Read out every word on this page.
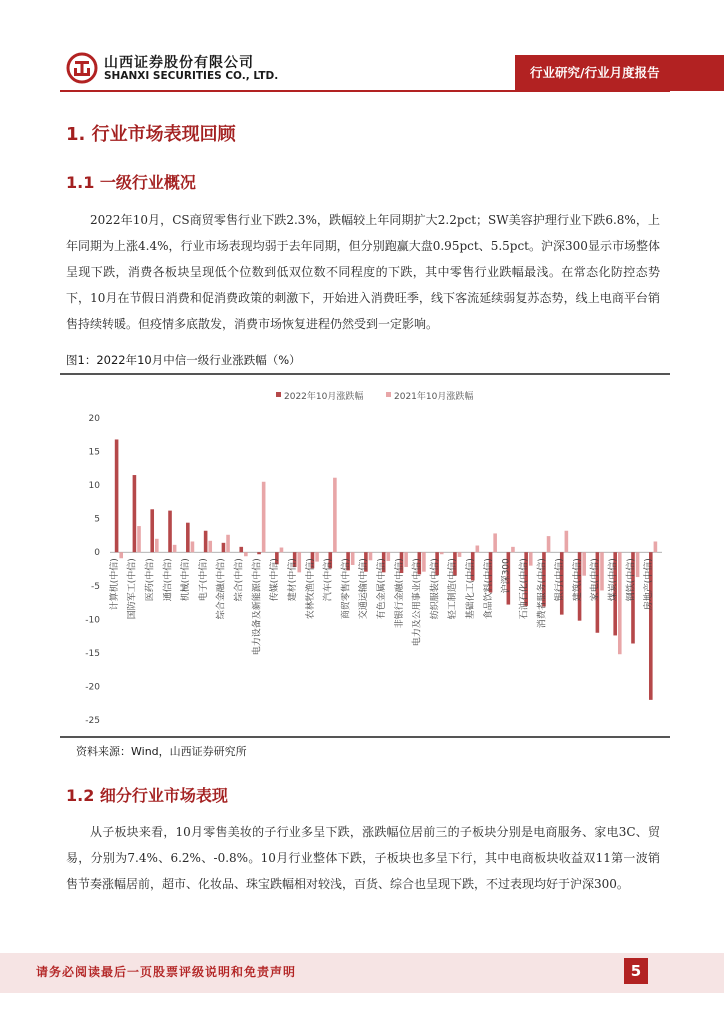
山西证券股份有限公司
SHANXI SECURITIES CO., LTD.	行业研究/行业月度报告
1. 行业市场表现回顾
1.1 一级行业概况

2022年10月，CS商贸零售行业下跌2.3%，跌幅较上年同期扩大2.2pct；SW美容护理行业下跌6.8%，上年同期为上涨4.4%，行业市场表现均弱于去年同期，但分别跑赢大盘0.95pct、5.5pct。沪深300显示市场整体呈现下跌，消费各板块呈现低个位数到低双位数不同程度的下跌，其中零售行业跌幅最浅。在常态化防控态势下，10月在节假日消费和促消费政策的刺激下，开始进入消费旺季，线下客流延续弱复苏态势，线上电商平台销售持续转暖。但疫情多底散发，消费市场恢复进程仍然受到一定影响。

图1：2022年10月中信一级行业涨跌幅（%）
2022年10月涨跌幅	2021年10月涨跌幅
20
15
10
5
0
-5
-10
-15
-20
-25
计算机(中信) 国防军工(中信) 医药(中信) 通信(中信) 机械(中信) 电子(中信) 综合金融(中信) 综合(中信) 电力设备及新能源(中信) 传媒(中信) 建材(中信) 农林牧渔(中信) 汽车(中信) 商贸零售(中信) 交通运输(中信) 有色金属(中信) 非银行金融(中信) 电力及公用事业(中信) 纺织服装(中信) 轻工制造(中信) 基础化工(中信) 食品饮料(中信) 沪深300 石油石化(中信) 消费者服务(中信) 银行(中信) 建筑(中信) 家电(中信) 煤炭(中信) 钢铁(中信) 房地产(中信)
资料来源：Wind，山西证券研究所
1.2 细分行业市场表现

从子板块来看，10月零售美妆的子行业多呈下跌，涨跌幅位居前三的子板块分别是电商服务、家电3C、贸易，分别为7.4%、6.2%、-0.8%。10月行业整体下跌，子板块也多呈下行，其中电商板块收益双11第一波销售节奏涨幅居前，超市、化妆品、珠宝跌幅相对较浅，百货、综合也呈现下跌，不过表现均好于沪深300。

请务必阅读最后一页股票评级说明和免责声明	5
